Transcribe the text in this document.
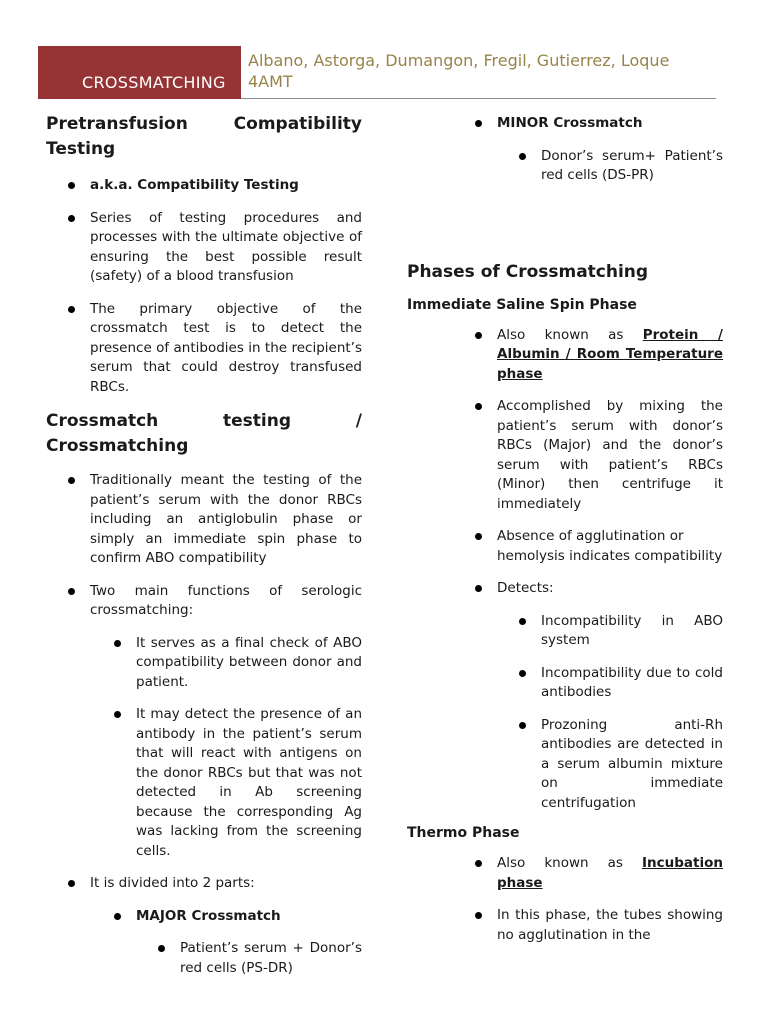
CROSSMATCHING
Albano, Astorga, Dumangon, Fregil, Gutierrez, Loque 4AMT
Pretransfusion Compatibility Testing
a.k.a. Compatibility Testing
Series of testing procedures and processes with the ultimate objective of ensuring the best possible result (safety) of a blood transfusion
The primary objective of the crossmatch test is to detect the presence of antibodies in the recipient’s serum that could destroy transfused RBCs.
Crossmatch testing / Crossmatching
Traditionally meant the testing of the patient’s serum with the donor RBCs including an antiglobulin phase or simply an immediate spin phase to confirm ABO compatibility
Two main functions of serologic crossmatching:
It serves as a final check of ABO compatibility between donor and patient.
It may detect the presence of an antibody in the patient’s serum that will react with antigens on the donor RBCs but that was not detected in Ab screening because the corresponding Ag was lacking from the screening cells.
It is divided into 2 parts:
MAJOR Crossmatch
Patient’s serum + Donor’s red cells (PS-DR)
MINOR Crossmatch
Donor’s serum+ Patient’s red cells (DS-PR)
Phases of Crossmatching
Immediate Saline Spin Phase
Also known as Protein / Albumin / Room Temperature phase
Accomplished by mixing the patient’s serum with donor’s RBCs (Major) and the donor’s serum with patient’s RBCs (Minor) then centrifuge it immediately
Absence of agglutination or hemolysis indicates compatibility
Detects:
Incompatibility in ABO system
Incompatibility due to cold antibodies
Prozoning anti-Rh antibodies are detected in a serum albumin mixture on immediate centrifugation
Thermo Phase
Also known as Incubation phase
In this phase, the tubes showing no agglutination in the
